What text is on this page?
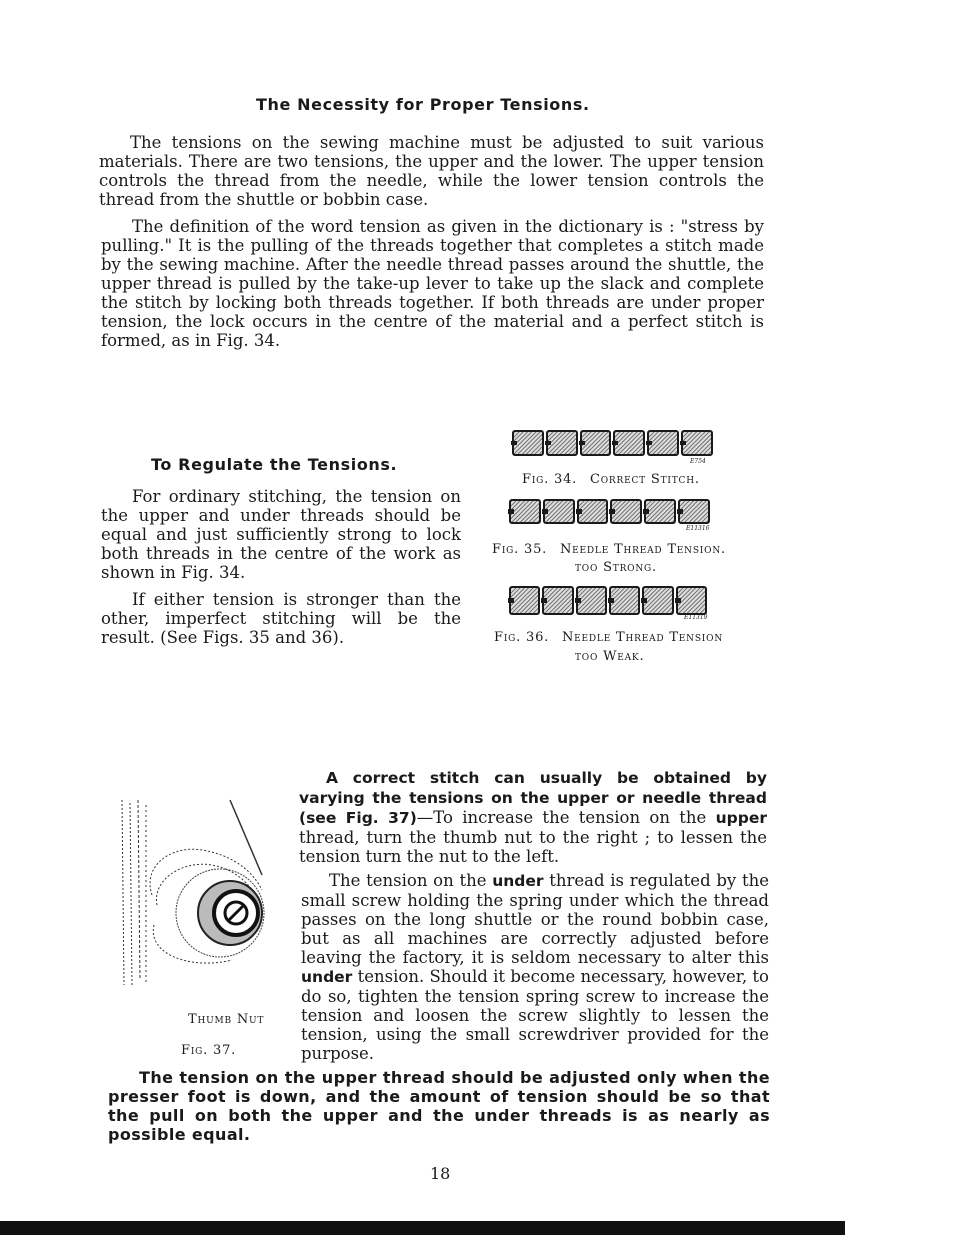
The Necessity for Proper Tensions.

The tensions on the sewing machine must be adjusted to suit various materials. There are two tensions, the upper and the lower. The upper tension controls the thread from the needle, while the lower tension controls the thread from the shuttle or bobbin case.

The definition of the word tension as given in the dictionary is : "stress by pulling." It is the pulling of the threads together that completes a stitch made by the sewing machine. After the needle thread passes around the shuttle, the upper thread is pulled by the take-up lever to take up the slack and complete the stitch by locking both threads together. If both threads are under proper tension, the lock occurs in the centre of the material and a perfect stitch is formed, as in Fig. 34.

To Regulate the Tensions.

For ordinary stitching, the tension on the upper and under threads should be equal and just sufficiently strong to lock both threads in the centre of the work as shown in Fig. 34.

If either tension is stronger than the other, imperfect stitching will be the result. (See Figs. 35 and 36).

E754
Fig. 34. Correct Stitch.
E11316
Fig. 35. Needle Thread Tension.
too Strong.
E11319
Fig. 36. Needle Thread Tension
too Weak.
Thumb Nut
Fig. 37.

A correct stitch can usually be obtained by varying the tensions on the upper or needle thread (see Fig. 37)—To increase the tension on the upper thread, turn the thumb nut to the right ; to lessen the tension turn the nut to the left.

The tension on the under thread is regulated by the small screw holding the spring under which the thread passes on the long shuttle or the round bobbin case, but as all machines are correctly adjusted before leaving the factory, it is seldom necessary to alter this under tension. Should it become necessary, however, to do so, tighten the tension spring screw to increase the tension and loosen the screw slightly to lessen the tension, using the small screwdriver provided for the purpose.

The tension on the upper thread should be adjusted only when the presser foot is down, and the amount of tension should be so that the pull on both the upper and the under threads is as nearly as possible equal.

18
